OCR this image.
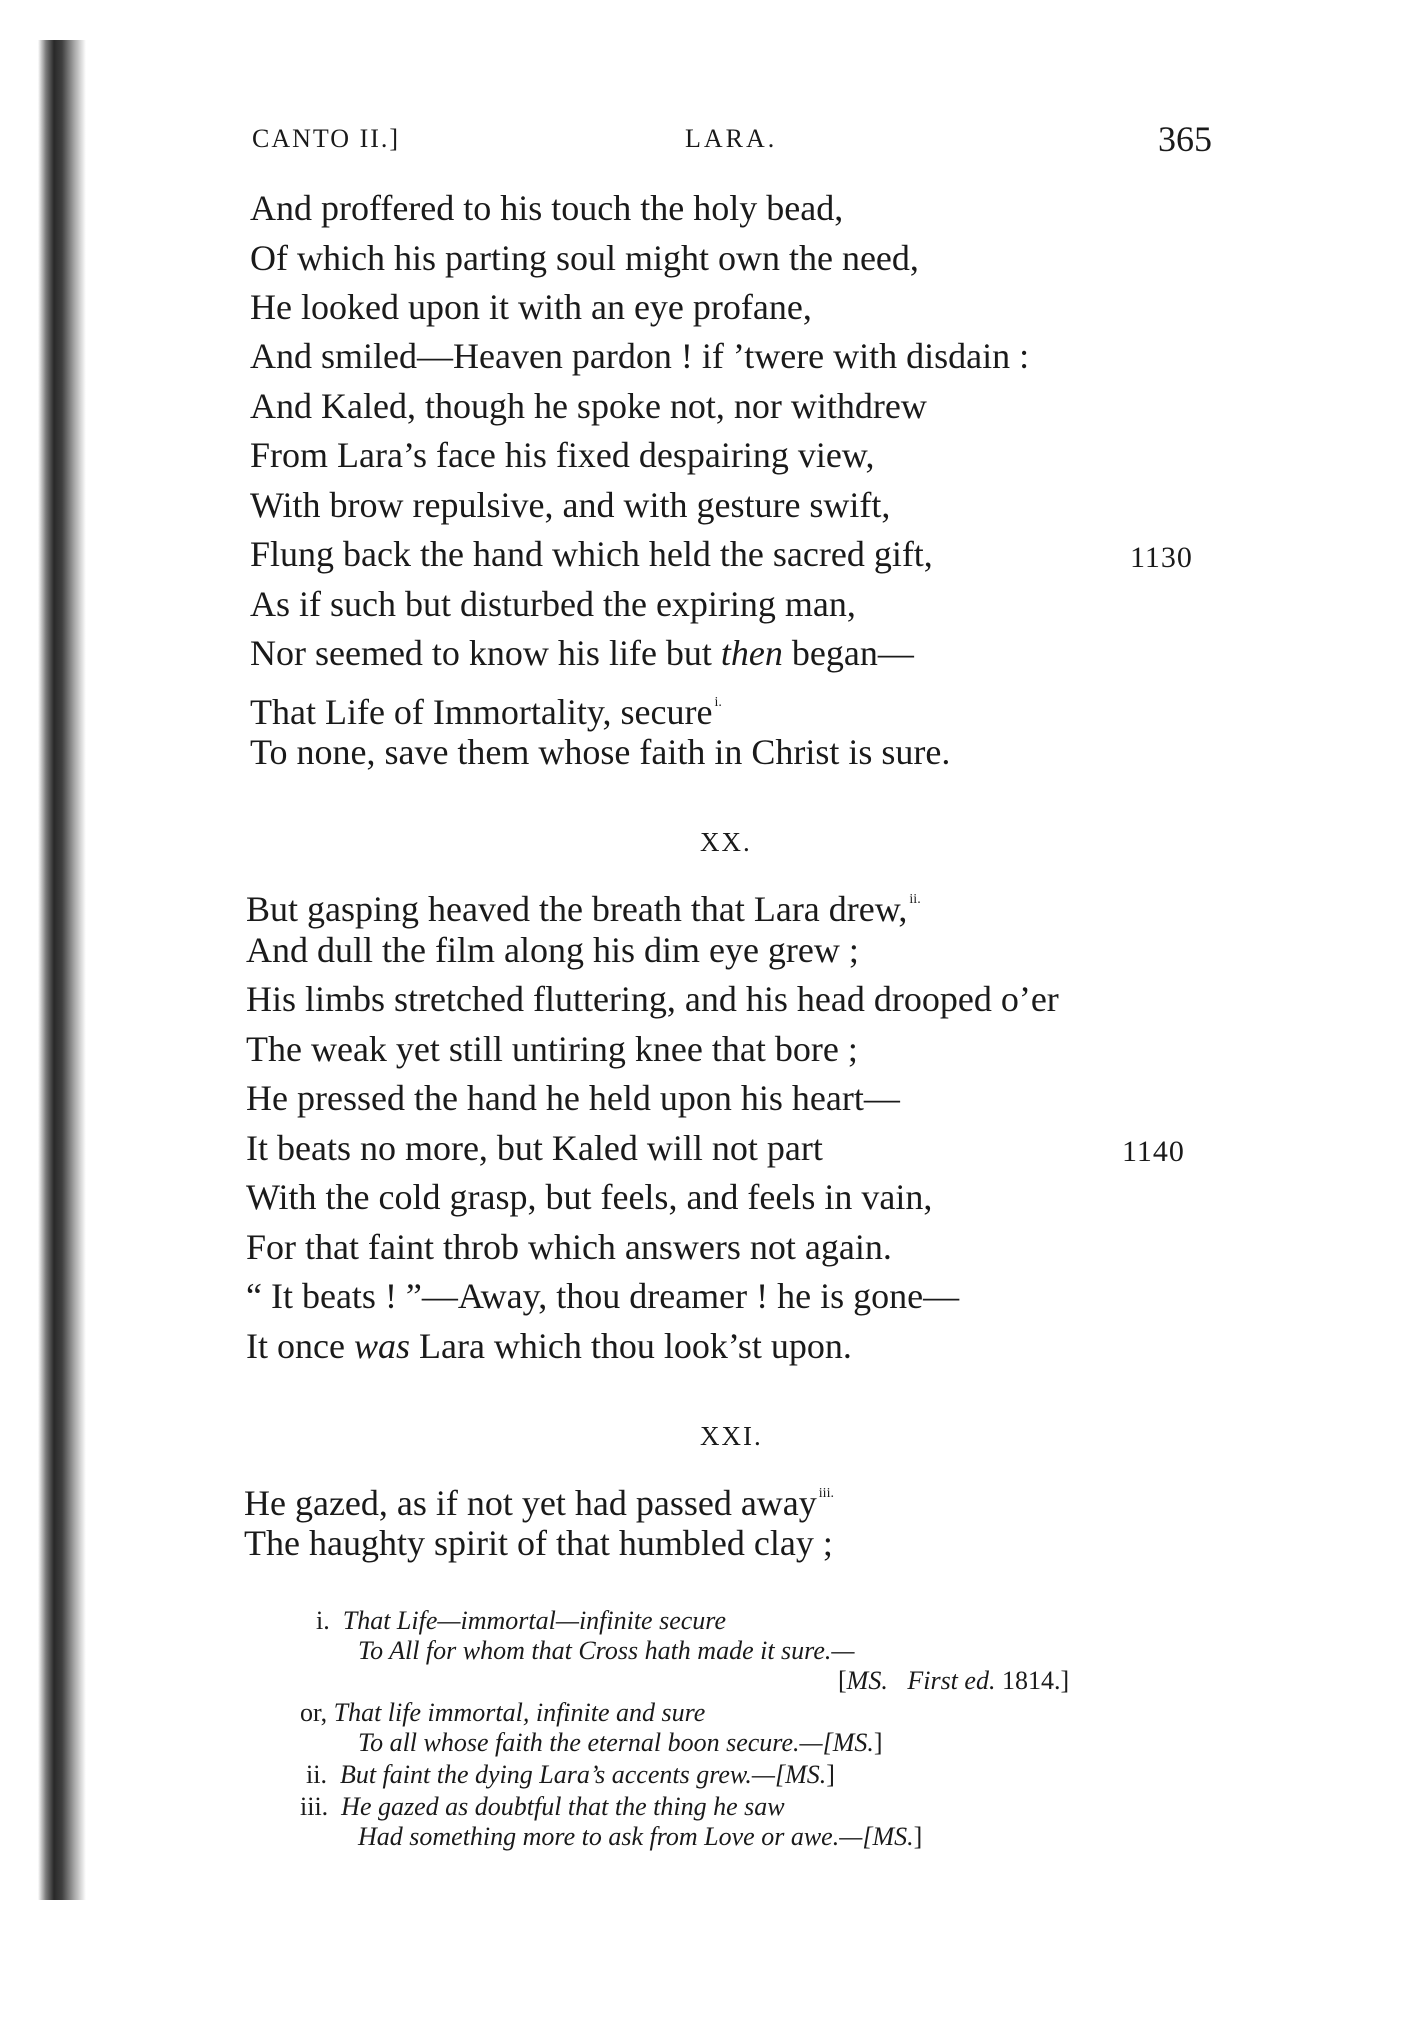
CANTO II.]	LARA.	365
And proffered to his touch the holy bead,
Of which his parting soul might own the need,
He looked upon it with an eye profane,
And smiled—Heaven pardon ! if ’twere with disdain :
And Kaled, though he spoke not, nor withdrew
From Lara’s face his fixed despairing view,
With brow repulsive, and with gesture swift,
Flung back the hand which held the sacred gift,	1130
As if such but disturbed the expiring man,
Nor seemed to know his life but then began—
That Life of Immortality, secure $^{i.}$
To none, save them whose faith in Christ is sure.
XX.
But gasping heaved the breath that Lara drew, $^{ii.}$
And dull the film along his dim eye grew ;
His limbs stretched fluttering, and his head drooped o’er
The weak yet still untiring knee that bore ;
He pressed the hand he held upon his heart—
It beats no more, but Kaled will not part	1140
With the cold grasp, but feels, and feels in vain,
For that faint throb which answers not again.
“ It beats ! ”—Away, thou dreamer ! he is gone—
It once was Lara which thou look’st upon.
XXI.
He gazed, as if not yet had passed away $^{iii.}$
The haughty spirit of that humbled clay ;
i. That Life—immortal—infinite secure
To All for whom that Cross hath made it sure.—
[MS. First ed. 1814.]
or, That life immortal, infinite and sure
To all whose faith the eternal boon secure.—[MS.]
ii. But faint the dying Lara’s accents grew.—[MS.]
iii. He gazed as doubtful that the thing he saw
Had something more to ask from Love or awe.—[MS.]
